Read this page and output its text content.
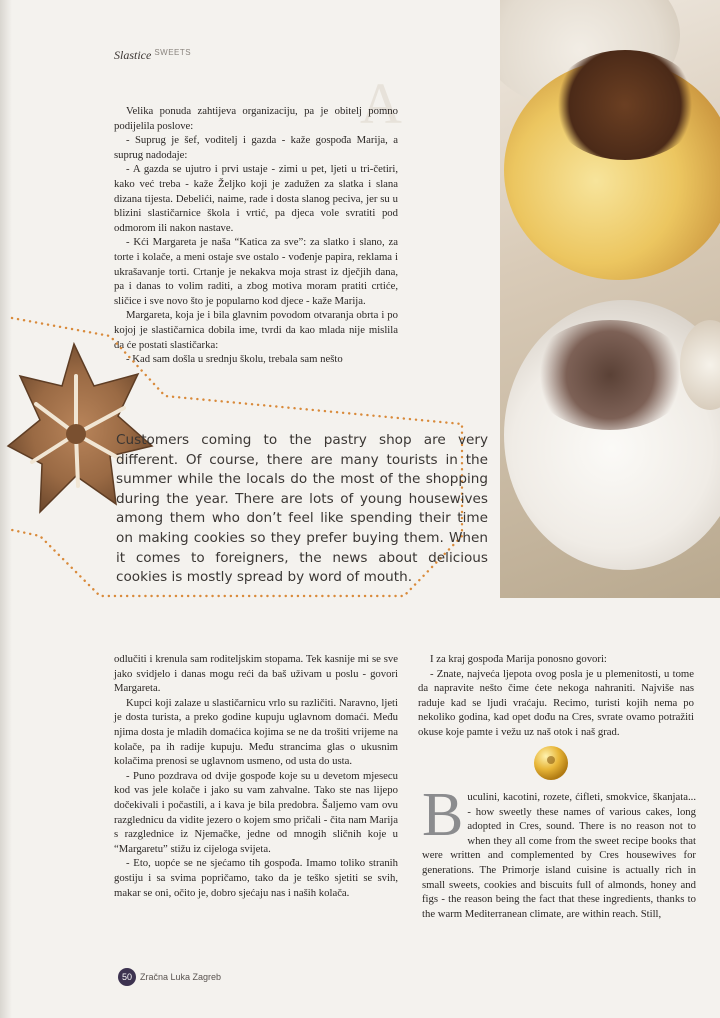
Slastice $^{SWEETS}$
A

Velika ponuda zahtijeva organizaciju, pa je obitelj pomno podijelila poslove:

- Suprug je šef, voditelj i gazda - kaže gospođa Marija, a suprug nadodaje:

- A gazda se ujutro i prvi ustaje - zimi u pet, ljeti u tri-četiri, kako već treba - kaže Željko koji je zadužen za slatka i slana dizana tijesta. Debelići, naime, rade i dosta slanog peciva, jer su u blizini slastičarnice škola i vrtić, pa djeca vole svratiti pod odmorom ili nakon nastave.

- Kći Margareta je naša “Katica za sve”: za slatko i slano, za torte i kolače, a meni ostaje sve ostalo - vođenje papira, reklama i ukrašavanje torti. Crtanje je nekakva moja strast iz dječjih dana, pa i danas to volim raditi, a zbog motiva moram pratiti crtiće, sličice i sve novo što je popularno kod djece - kaže Marija.

Margareta, koja je i bila glavnim povodom otvaranja obrta i po kojoj je slastičarnica dobila ime, tvrdi da kao mlada nije mislila da će postati slastičarka:

- Kad sam došla u srednju školu, trebala sam nešto

Customers coming to the pastry shop are very different. Of course, there are many tourists in the summer while the locals do the most of the shopping during the year. There are lots of young housewives among them who don’t feel like spending their time on making cookies so they prefer buying them. When it comes to foreigners, the news about delicious cookies is mostly spread by word of mouth.

odlučiti i krenula sam roditeljskim stopama. Tek kasnije mi se sve jako svidjelo i danas mogu reći da baš uživam u poslu - govori Margareta.

Kupci koji zalaze u slastičarnicu vrlo su različiti. Naravno, ljeti je dosta turista, a preko godine kupuju uglavnom domaći. Među njima dosta je mladih domaćica kojima se ne da trošiti vrijeme na kolače, pa ih radije kupuju. Među strancima glas o ukusnim kolačima prenosi se uglavnom usmeno, od usta do usta.

- Puno pozdrava od dvije gospođe koje su u devetom mjesecu kod vas jele kolače i jako su vam zahvalne. Tako ste nas lijepo dočekivali i počastili, a i kava je bila predobra. Šaljemo vam ovu razglednicu da vidite jezero o kojem smo pričali - čita nam Marija s razglednice iz Njemačke, jedne od mnogih sličnih koje u “Margaretu” stižu iz cijeloga svijeta.

- Eto, uopće se ne sjećamo tih gospođa. Imamo toliko stranih gostiju i sa svima popričamo, tako da je teško sjetiti se svih, makar se oni, očito je, dobro sjećaju nas i naših kolača.

I za kraj gospođa Marija ponosno govori:

- Znate, najveća ljepota ovog posla je u plemenitosti, u tome da napravite nešto čime ćete nekoga nahraniti. Najviše nas raduje kad se ljudi vraćaju. Recimo, turisti kojih nema po nekoliko godina, kad opet dođu na Cres, svrate ovamo potražiti okuse koje pamte i vežu uz naš otok i naš grad.

B uculini, kacotini, rozete, ćifleti, smokvice, škanjata... - how sweetly these names of various cakes, long adopted in Cres, sound. There is no reason not to when they all come from the sweet recipe books that were written and complemented by Cres housewives for generations. The Primorje island cuisine is actually rich in small sweets, cookies and biscuits full of almonds, honey and figs - the reason being the fact that these ingredients, thanks to the warm Mediterranean climate, are within reach. Still,

50 Zračna Luka Zagreb
